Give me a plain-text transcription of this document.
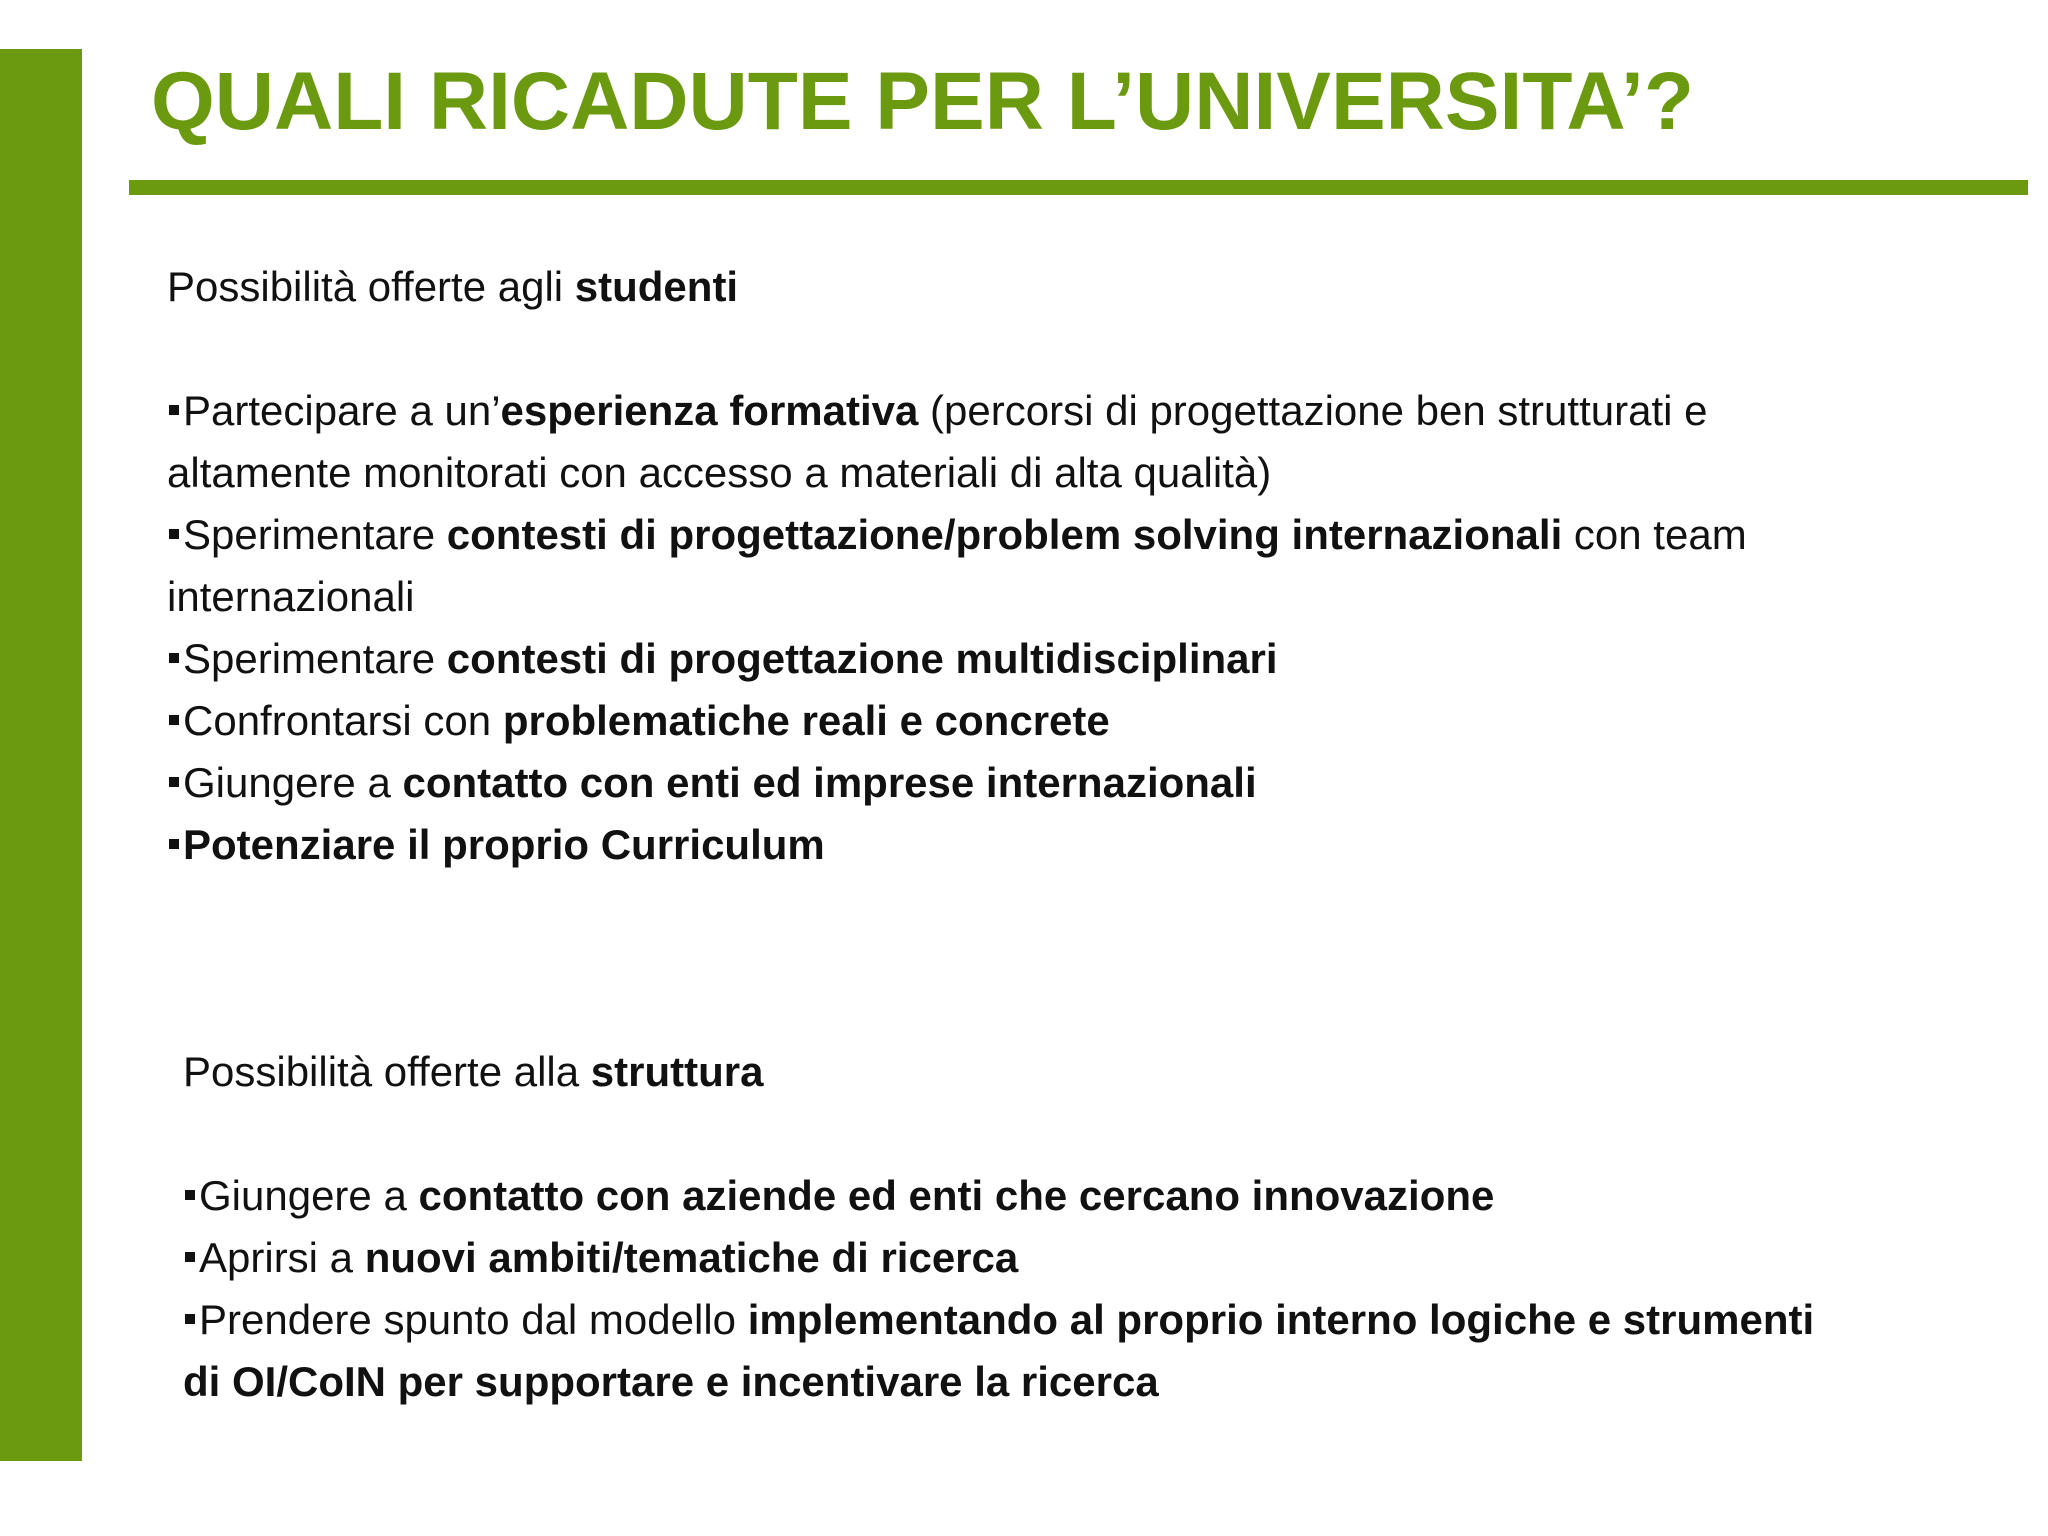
QUALI RICADUTE PER L’UNIVERSITA’?

Possibilità offerte agli studenti

Partecipare a un’esperienza formativa (percorsi di progettazione ben strutturati e altamente monitorati con accesso a materiali di alta qualità)
Sperimentare contesti di progettazione/problem solving internazionali con team internazionali
Sperimentare contesti di progettazione multidisciplinari
Confrontarsi con problematiche reali e concrete
Giungere a contatto con enti ed imprese internazionali
Potenziare il proprio Curriculum

Possibilità offerte alla struttura

Giungere a contatto con aziende ed enti che cercano innovazione
Aprirsi a nuovi ambiti/tematiche di ricerca
Prendere spunto dal modello implementando al proprio interno logiche e strumenti di OI/CoIN per supportare e incentivare la ricerca
